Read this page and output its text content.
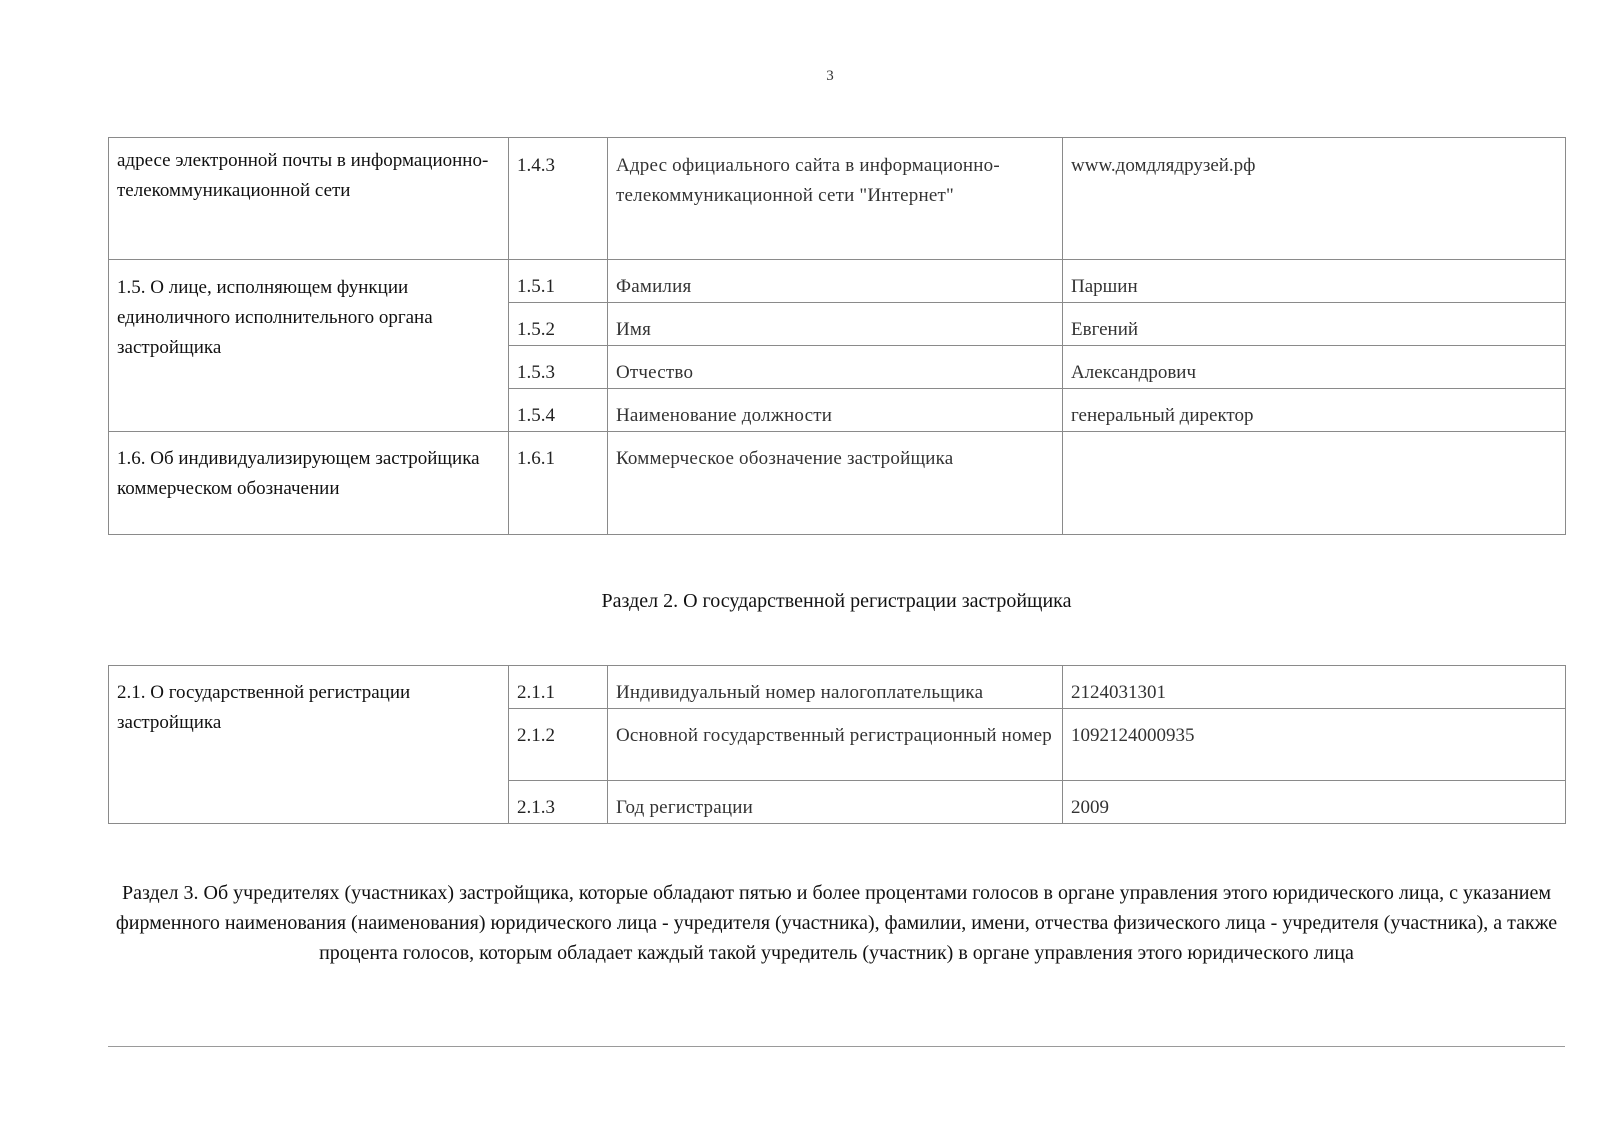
3
адресе электронной почты в информационно-телекоммуникационной сети	1.4.3	Адрес официального сайта в информационно-телекоммуникационной сети "Интернет"	www.домдлядрузей.рф
1.5. О лице, исполняющем функции единоличного исполнительного органа застройщика	1.5.1	Фамилия	Паршин
	1.5.2	Имя	Евгений
	1.5.3	Отчество	Александрович
	1.5.4	Наименование должности	генеральный директор
1.6. Об индивидуализирующем застройщика коммерческом обозначении	1.6.1	Коммерческое обозначение застройщика	
Раздел 2. О государственной регистрации застройщика
2.1. О государственной регистрации застройщика	2.1.1	Индивидуальный номер налогоплательщика	2124031301
	2.1.2	Основной государственный регистрационный номер	1092124000935
	2.1.3	Год регистрации	2009
Раздел 3. Об учредителях (участниках) застройщика, которые обладают пятью и более процентами голосов в органе управления этого юридического лица, с указанием фирменного наименования (наименования) юридического лица - учредителя (участника), фамилии, имени, отчества физического лица - учредителя (участника), а также процента голосов, которым обладает каждый такой учредитель (участник) в органе управления этого юридического лица
